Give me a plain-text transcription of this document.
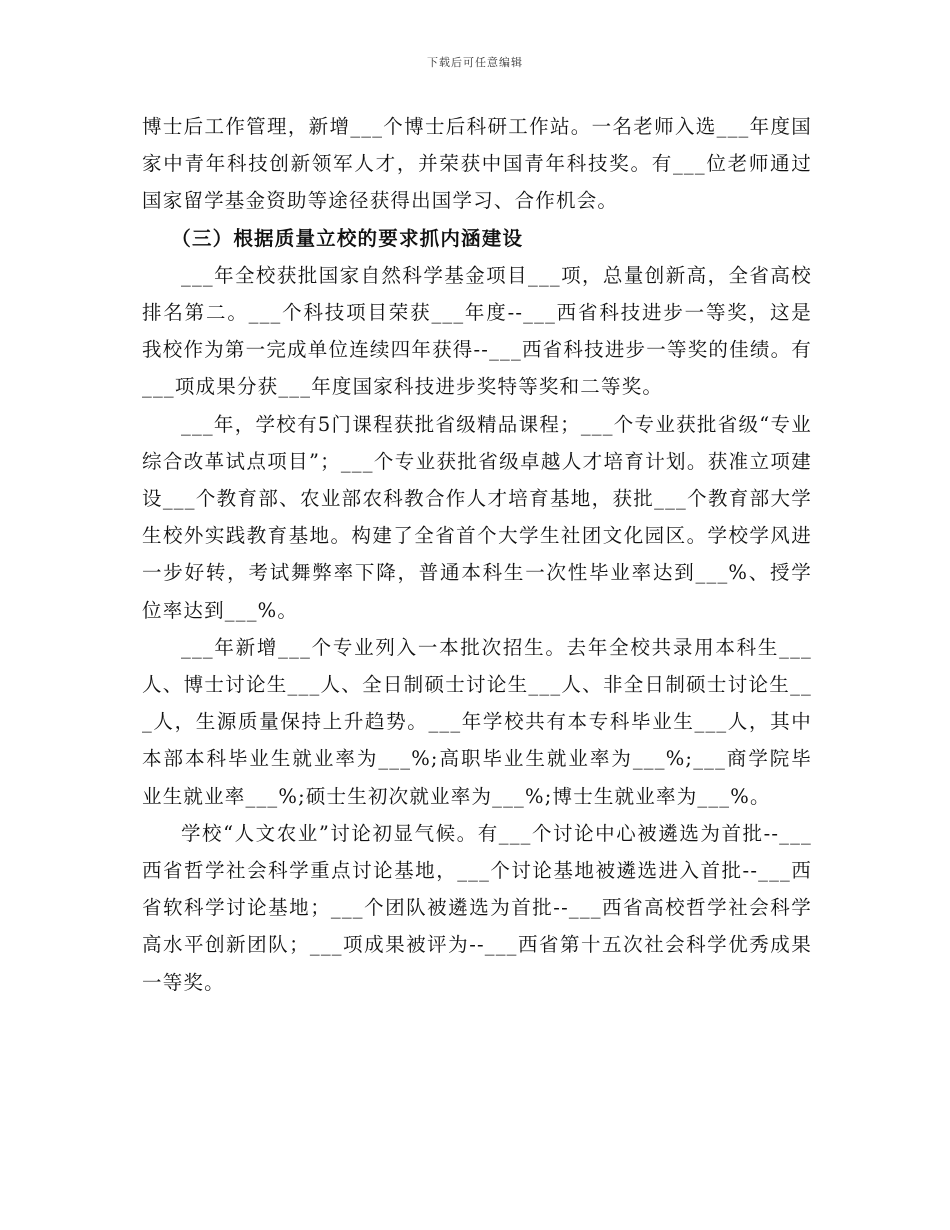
下载后可任意编辑

博士后工作管理，新增___个博士后科研工作站。一名老师入选___年度国家中青年科技创新领军人才，并荣获中国青年科技奖。有___位老师通过国家留学基金资助等途径获得出国学习、合作机会。

（三）根据质量立校的要求抓内涵建设

___年全校获批国家自然科学基金项目___项，总量创新高，全省高校排名第二。___个科技项目荣获___年度--___西省科技进步一等奖，这是我校作为第一完成单位连续四年获得--___西省科技进步一等奖的佳绩。有___项成果分获___年度国家科技进步奖特等奖和二等奖。

___年，学校有5门课程获批省级精品课程；___个专业获批省级“专业综合改革试点项目”；___个专业获批省级卓越人才培育计划。获准立项建设___个教育部、农业部农科教合作人才培育基地，获批___个教育部大学生校外实践教育基地。构建了全省首个大学生社团文化园区。学校学风进一步好转，考试舞弊率下降，普通本科生一次性毕业率达到___%、授学位率达到___%。

___年新增___个专业列入一本批次招生。去年全校共录用本科生___人、博士讨论生___人、全日制硕士讨论生___人、非全日制硕士讨论生___人，生源质量保持上升趋势。___年学校共有本专科毕业生___人，其中本部本科毕业生就业率为___%;高职毕业生就业率为___%;___商学院毕业生就业率___%;硕士生初次就业率为___%;博士生就业率为___%。

学校“人文农业”讨论初显气候。有___个讨论中心被遴选为首批--___西省哲学社会科学重点讨论基地，___个讨论基地被遴选进入首批--___西省软科学讨论基地；___个团队被遴选为首批--___西省高校哲学社会科学高水平创新团队；___项成果被评为--___西省第十五次社会科学优秀成果一等奖。
